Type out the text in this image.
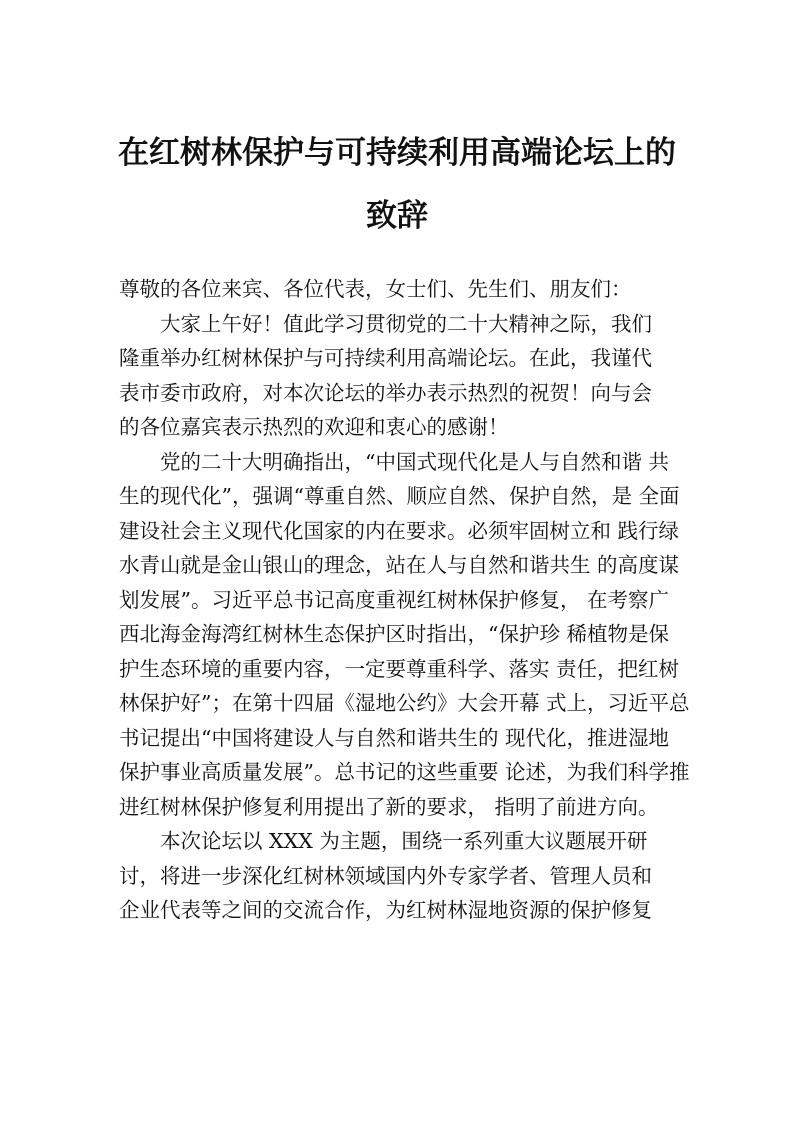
在红树林保护与可持续利用高端论坛上的
致辞
尊敬的各位来宾、各位代表，女士们、先生们、朋友们：
大家上午好！值此学习贯彻党的二十大精神之际，我们
隆重举办红树林保护与可持续利用高端论坛。在此，我谨代
表市委市政府，对本次论坛的举办表示热烈的祝贺！向与会
的各位嘉宾表示热烈的欢迎和衷心的感谢！
党的二十大明确指出，“中国式现代化是人与自然和谐 共
生的现代化”，强调“尊重自然、顺应自然、保护自然，是 全面
建设社会主义现代化国家的内在要求。必须牢固树立和 践行绿
水青山就是金山银山的理念，站在人与自然和谐共生 的高度谋
划发展”。习近平总书记高度重视红树林保护修复， 在考察广
西北海金海湾红树林生态保护区时指出，“保护珍 稀植物是保
护生态环境的重要内容，一定要尊重科学、落实 责任，把红树
林保护好”；在第十四届《湿地公约》大会开幕 式上，习近平总
书记提出“中国将建设人与自然和谐共生的 现代化，推进湿地
保护事业高质量发展”。总书记的这些重要 论述，为我们科学推
进红树林保护修复利用提出了新的要求， 指明了前进方向。
本次论坛以 XXX 为主题，围绕一系列重大议题展开研
讨，将进一步深化红树林领域国内外专家学者、管理人员和
企业代表等之间的交流合作，为红树林湿地资源的保护修复
